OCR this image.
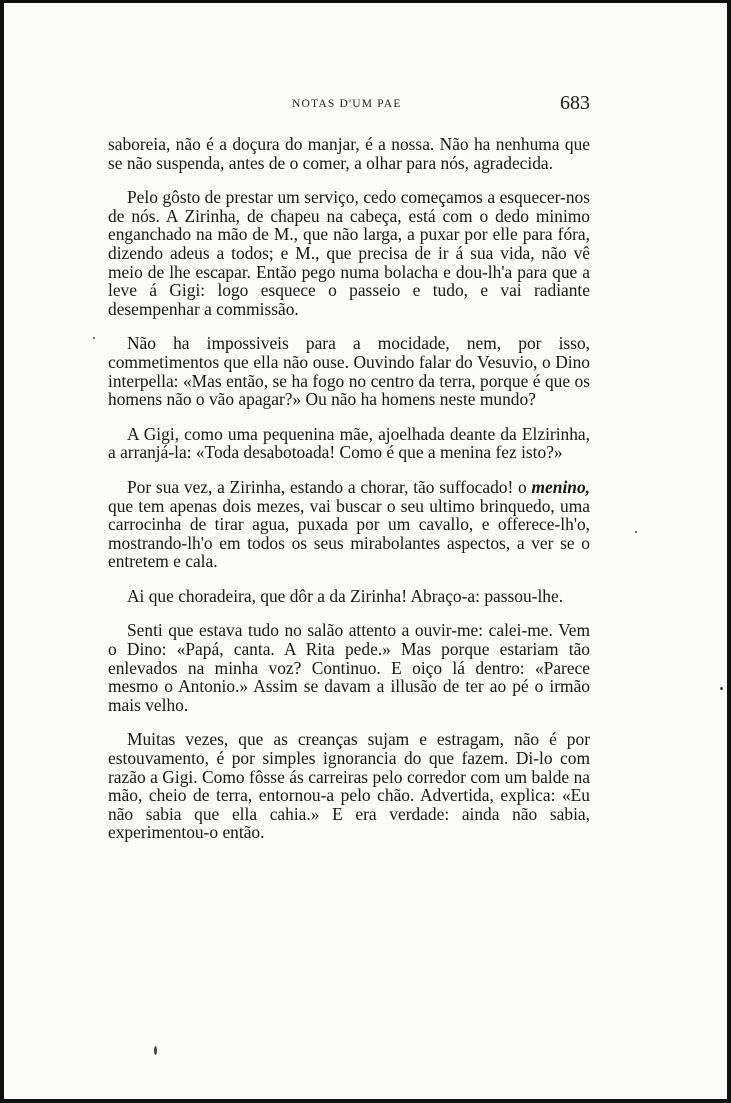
NOTAS D'UM PAE	683

saboreia, não é a doçura do manjar, é a nossa. Não ha nenhuma que se não suspenda, antes de o comer, a olhar para nós, agradecida.

Pelo gôsto de prestar um serviço, cedo começamos a esquecer-nos de nós. A Zirinha, de chapeu na cabeça, está com o dedo minimo enganchado na mão de M., que não larga, a puxar por elle para fóra, dizendo adeus a todos; e M., que precisa de ir á sua vida, não vê meio de lhe escapar. Então pego numa bolacha e dou-lh'a para que a leve á Gigi: logo esquece o passeio e tudo, e vai radiante desempenhar a commissão.

Não ha impossiveis para a mocidade, nem, por isso, commetimentos que ella não ouse. Ouvindo falar do Vesuvio, o Dino interpella: «Mas então, se ha fogo no centro da terra, porque é que os homens não o vão apagar?» Ou não ha homens neste mundo?

A Gigi, como uma pequenina mãe, ajoelhada deante da Elzirinha, a arranjá-la: «Toda desabotoada! Como é que a menina fez isto?»

Por sua vez, a Zirinha, estando a chorar, tão suffocado! o menino, que tem apenas dois mezes, vai buscar o seu ultimo brinquedo, uma carrocinha de tirar agua, puxada por um cavallo, e offerece-lh'o, mostrando-lh'o em todos os seus mirabolantes aspectos, a ver se o entretem e cala.

Ai que choradeira, que dôr a da Zirinha! Abraço-a: passou-lhe.

Senti que estava tudo no salão attento a ouvir-me: calei-me. Vem o Dino: «Papá, canta. A Rita pede.» Mas porque estariam tão enlevados na minha voz? Continuo. E oiço lá dentro: «Parece mesmo o Antonio.» Assim se davam a illusão de ter ao pé o irmão mais velho.

Muitas vezes, que as creanças sujam e estragam, não é por estouvamento, é por simples ignorancia do que fazem. Di-lo com razão a Gigi. Como fôsse ás carreiras pelo corredor com um balde na mão, cheio de terra, entornou-a pelo chão. Advertida, explica: «Eu não sabia que ella cahia.» E era verdade: ainda não sabia, experimentou-o então.
